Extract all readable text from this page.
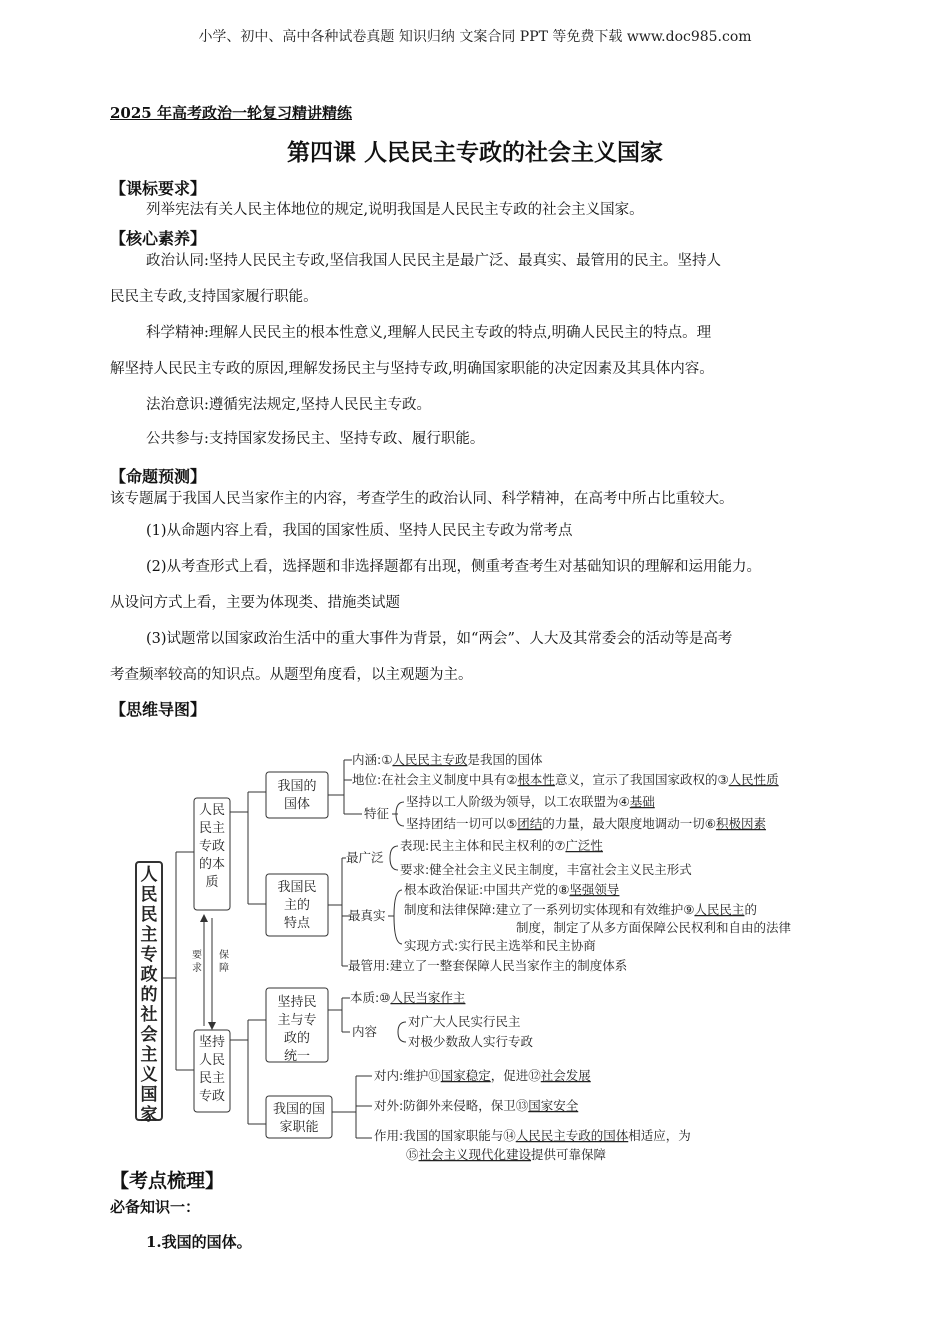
小学、初中、高中各种试卷真题 知识归纳 文案合同 PPT 等免费下载 www.doc985.com
2025 年高考政治一轮复习精讲精练
第四课 人民民主专政的社会主义国家
【课标要求】
列举宪法有关人民主体地位的规定,说明我国是人民民主专政的社会主义国家。
【核心素养】
政治认同:坚持人民民主专政,坚信我国人民民主是最广泛、最真实、最管用的民主。坚持人
民民主专政,支持国家履行职能。
科学精神:理解人民民主的根本性意义,理解人民民主专政的特点,明确人民民主的特点。理
解坚持人民民主专政的原因,理解发扬民主与坚持专政,明确国家职能的决定因素及其具体内容。
法治意识:遵循宪法规定,坚持人民民主专政。
公共参与:支持国家发扬民主、坚持专政、履行职能。
【命题预测】
该专题属于我国人民当家作主的内容，考查学生的政治认同、科学精神，在高考中所占比重较大。
(1)从命题内容上看，我国的国家性质、坚持人民民主专政为常考点
(2)从考查形式上看，选择题和非选择题都有出现，侧重考查考生对基础知识的理解和运用能力。
从设问方式上看，主要为体现类、措施类试题
(3)试题常以国家政治生活中的重大事件为背景，如“两会”、人大及其常委会的活动等是高考
考查频率较高的知识点。从题型角度看，以主观题为主。
【思维导图】
人民民主专政的社会主义国家
人民民主专政的本质
坚持人民民主专政
要求
保障
我国的国体
我国民主的特点
坚持民主与专政的统一
我国的国家职能
内涵:①人民民主专政是我国的国体
地位:在社会主义制度中具有②根本性意义，宣示了我国国家政权的③人民性质
特征
坚持以工人阶级为领导，以工农联盟为④基础
坚持团结一切可以⑤团结的力量，最大限度地调动一切⑥积极因素
最广泛
表现:民主主体和民主权利的⑦广泛性
要求:健全社会主义民主制度，丰富社会主义民主形式
最真实
根本政治保证:中国共产党的⑧坚强领导
制度和法律保障:建立了一系列切实体现和有效维护⑨人民民主的
制度，制定了从多方面保障公民权利和自由的法律
实现方式:实行民主选举和民主协商
最管用:建立了一整套保障人民当家作主的制度体系
本质:⑩人民当家作主
内容
对广大人民实行民主
对极少数敌人实行专政
对内:维护⑪国家稳定，促进⑫社会发展
对外:防御外来侵略，保卫⑬国家安全
作用:我国的国家职能与⑭人民民主专政的国体相适应，为
⑮社会主义现代化建设提供可靠保障
【考点梳理】
必备知识一：
1.我国的国体。
